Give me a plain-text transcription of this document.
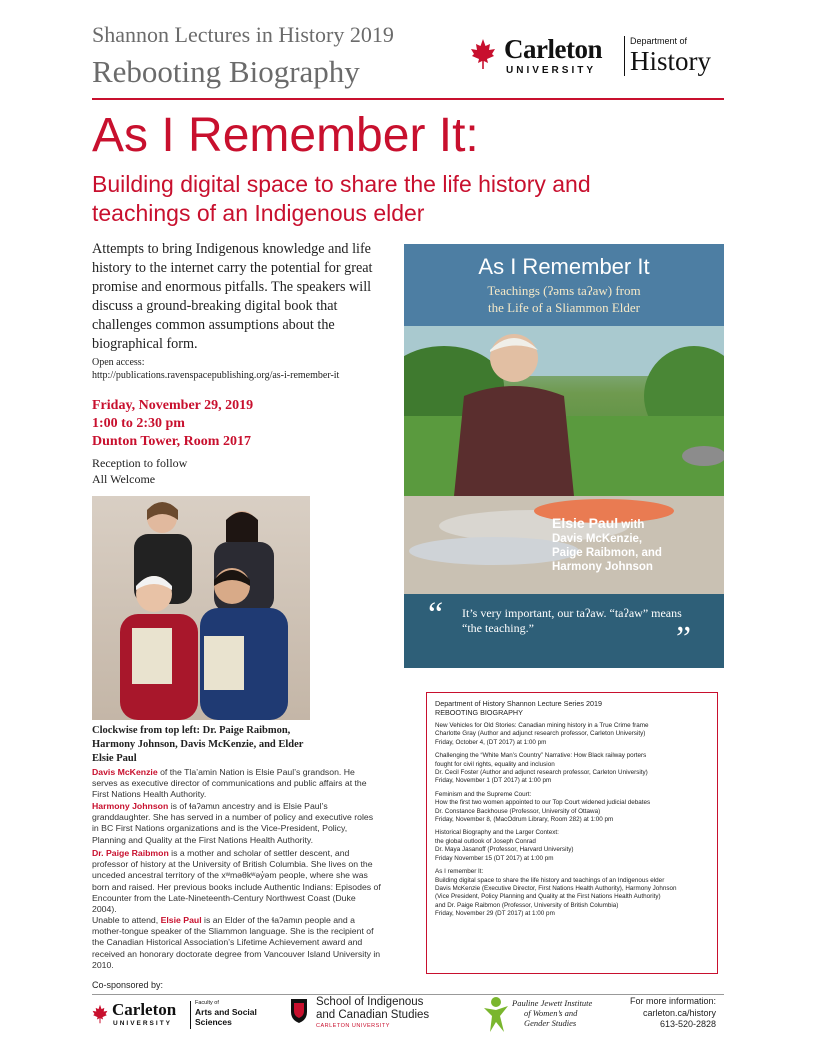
Shannon Lectures in History 2019
Rebooting Biography
Carleton
UNIVERSITY
Department of
History
As I Remember It:
Building digital space to share the life history and teachings of an Indigenous elder
Attempts to bring Indigenous knowledge and life history to the internet carry the potential for great promise and enormous pitfalls. The speakers will discuss a ground-breaking digital book that challenges common assumptions about the biographical form.
Open access:
http://publications.ravenspacepublishing.org/as-i-remember-it
Friday, November 29, 2019
1:00 to 2:30 pm
Dunton Tower, Room 2017
Reception to follow
All Welcome
Clockwise from top left: Dr. Paige Raibmon, Harmony Johnson, Davis McKenzie, and Elder Elsie Paul
Davis McKenzie of the Tla’amin Nation is Elsie Paul’s grandson. He serves as executive director of communications and public affairs at the First Nations Health Authority.
Harmony Johnson is of ɬaʔamɩn ancestry and is Elsie Paul’s granddaughter. She has served in a number of policy and executive roles in BC First Nations organizations and is the Vice-President, Policy, Planning and Quality at the First Nations Health Authority.
Dr. Paige Raibmon is a mother and scholar of settler descent, and professor of history at the University of British Columbia. She lives on the unceded ancestral territory of the xʷməθkʷəy̓əm people, where she was born and raised. Her previous books include Authentic Indians: Episodes of Encounter from the Late-Nineteenth-Century Northwest Coast (Duke 2004).
Unable to attend, Elsie Paul is an Elder of the ɬaʔamɩn people and a mother-tongue speaker of the Sliammon language. She is the recipient of the Canadian Historical Association’s Lifetime Achievement award and received an honorary doctorate degree from Vancouver Island University in 2010.
As I Remember It
Teachings (ʔəms taʔaw) from
the Life of a Sliammon Elder
Elsie Paul with
Davis McKenzie,
Paige Raibmon, and
Harmony Johnson
“ It’s very important, our taʔaw. “taʔaw” means “the teaching.”	”
Department of History Shannon Lecture Series 2019
REBOOTING BIOGRAPHY
New Vehicles for Old Stories: Canadian mining history in a True Crime frame
Charlotte Gray (Author and adjunct research professor, Carleton University)
Friday, October 4, (DT 2017) at 1:00 pm
Challenging the “White Man’s Country” Narrative: How Black railway porters
fought for civil rights, equality and inclusion
Dr. Cecil Foster (Author and adjunct research professor, Carleton University)
Friday, November 1 (DT 2017) at 1:00 pm
Feminism and the Supreme Court:
How the first two women appointed to our Top Court widened judicial debates
Dr. Constance Backhouse (Professor, University of Ottawa)
Friday, November 8, (MacOdrum Library, Room 282) at 1:00 pm
Historical Biography and the Larger Context:
the global outlook of Joseph Conrad
Dr. Maya Jasanoff (Professor, Harvard University)
Friday November 15 (DT 2017) at 1:00 pm
As I remember It:
Building digital space to share the life history and teachings of an Indigenous elder
Davis McKenzie (Executive Director, First Nations Health Authority), Harmony Johnson
(Vice President, Policy Planning and Quality at the First Nations Health Authority)
and Dr. Paige Raibmon (Professor, University of British Columbia)
Friday, November 29 (DT 2017) at 1:00 pm
Co-sponsored by:
Carleton
UNIVERSITY
Faculty of
Arts and Social Sciences
School of Indigenous
and Canadian Studies
CARLETON UNIVERSITY
Pauline Jewett Institute
of Women’s and
Gender Studies
For more information:
carleton.ca/history
613-520-2828
